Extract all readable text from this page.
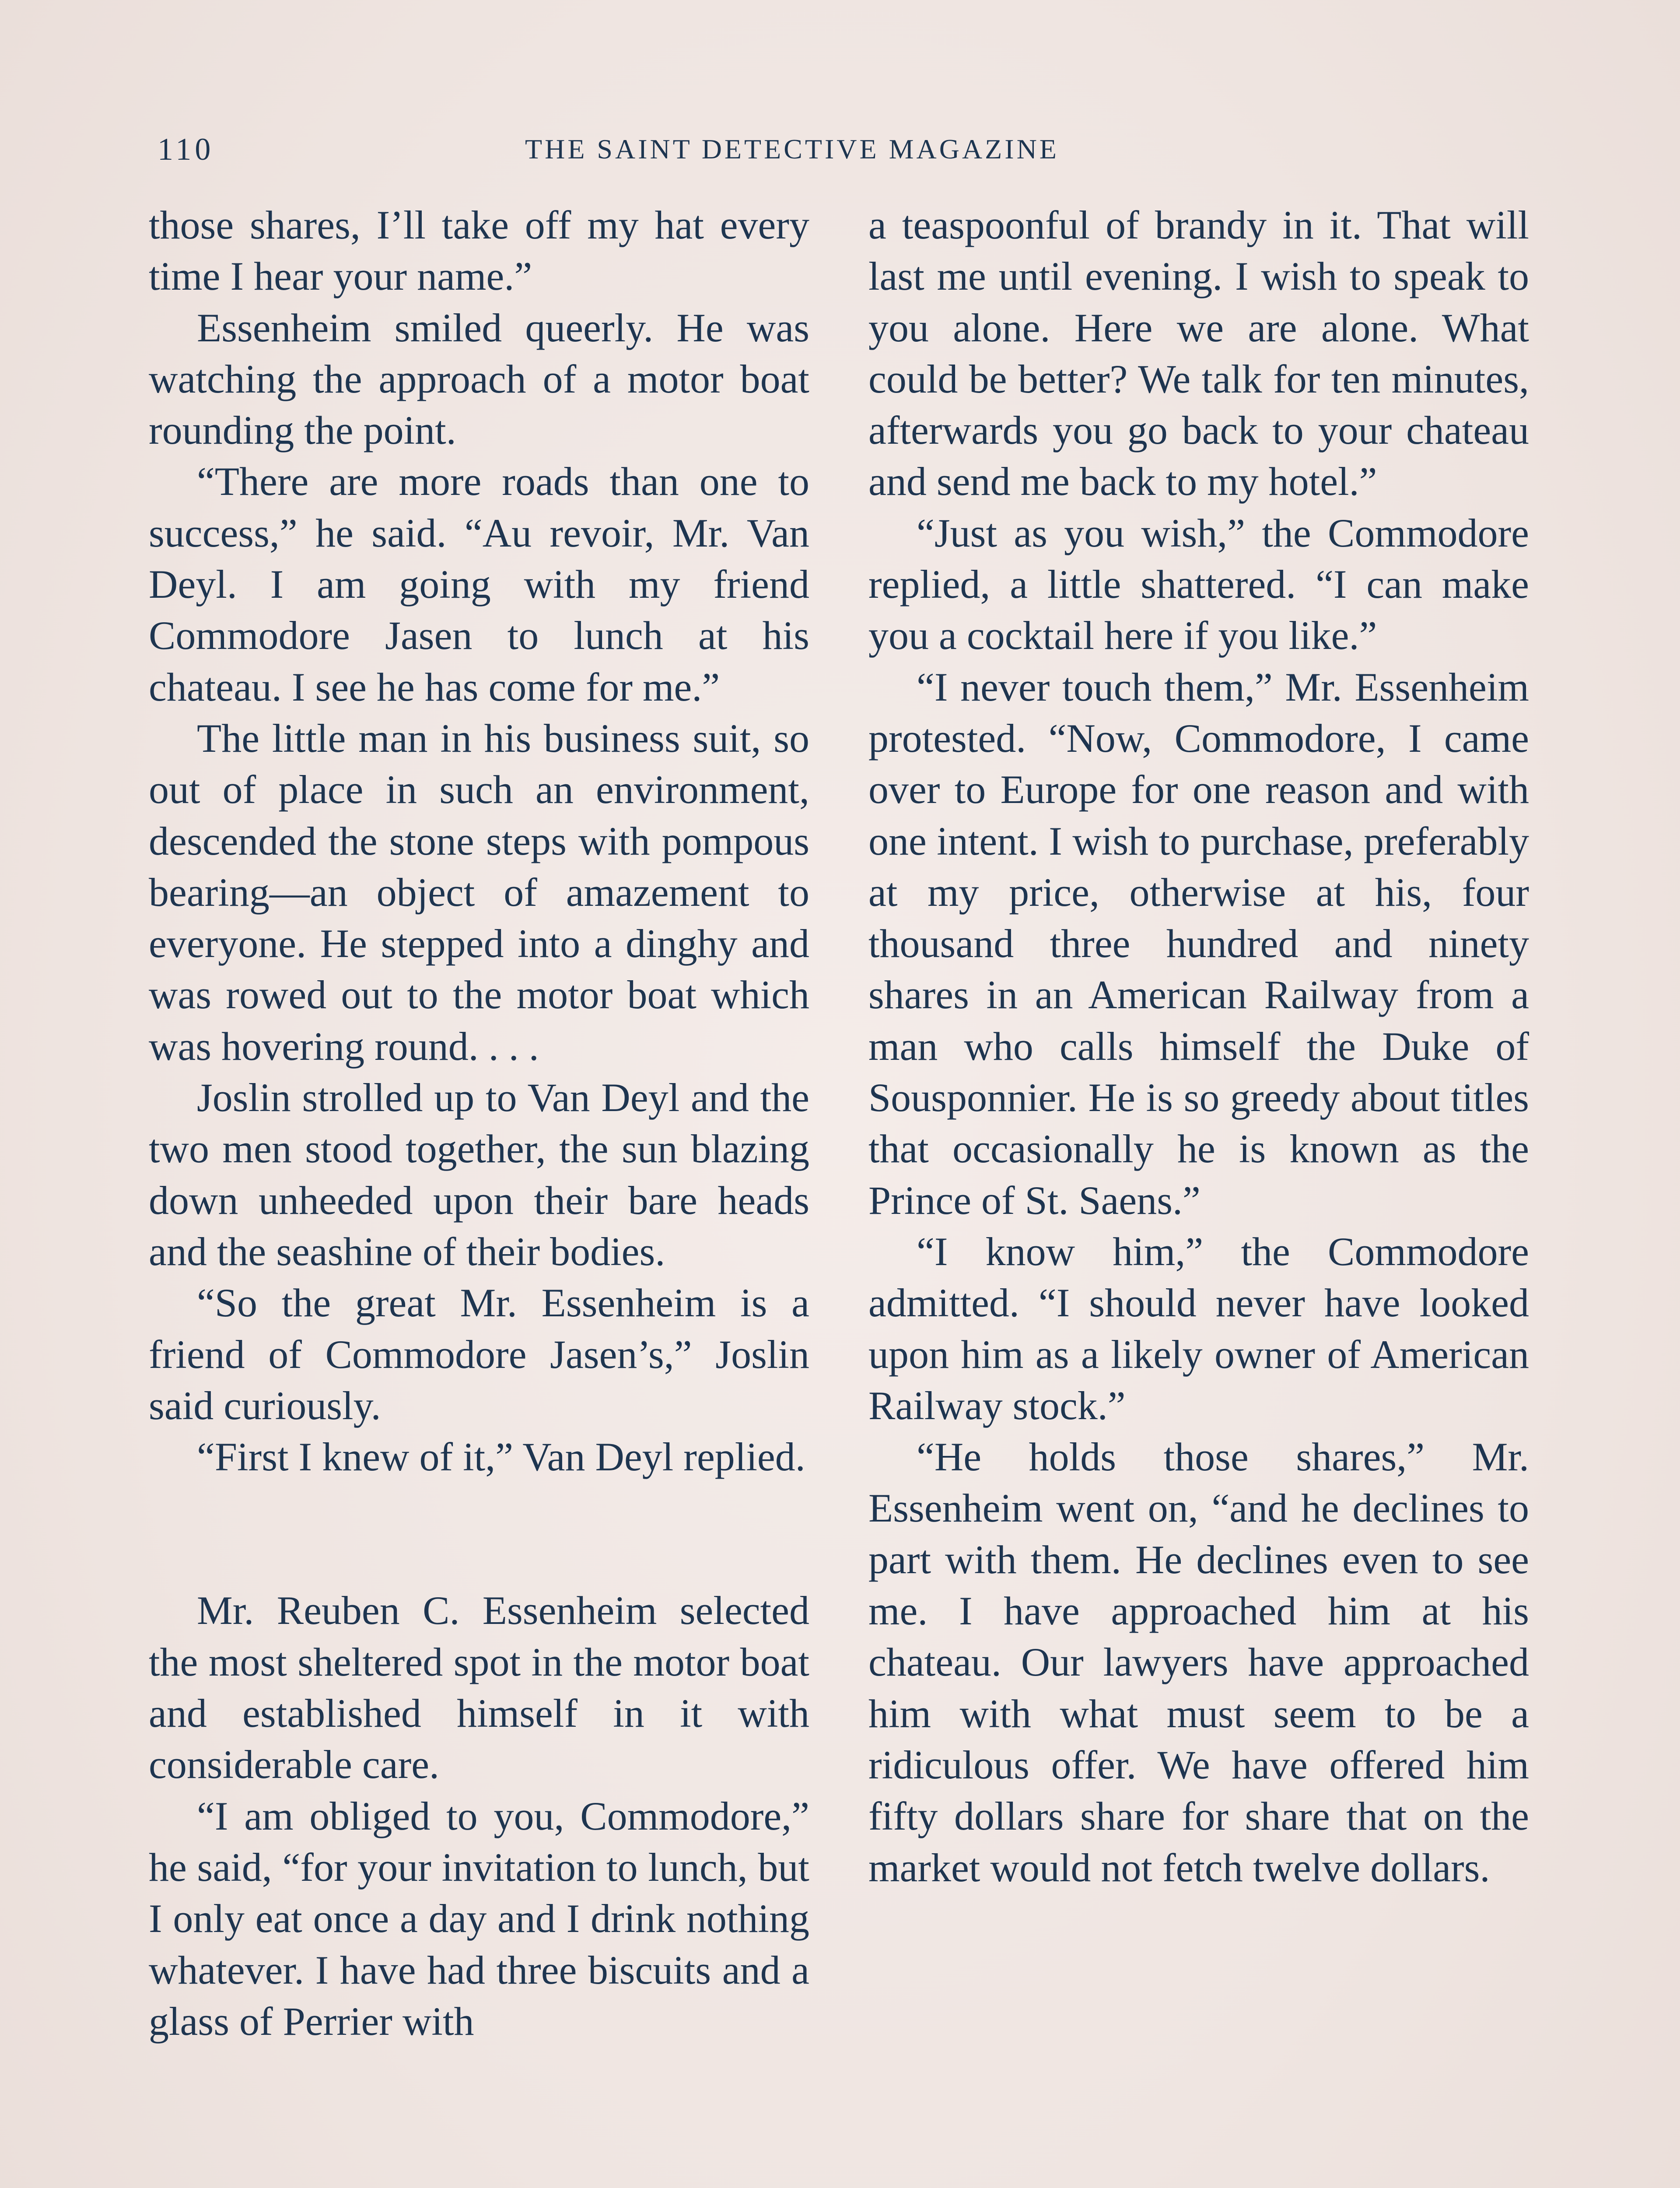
110	THE SAINT DETECTIVE MAGAZINE

those shares, I’ll take off my hat every time I hear your name.”

Essenheim smiled queerly. He was watching the approach of a motor boat rounding the point.

“There are more roads than one to success,” he said. “Au revoir, Mr. Van Deyl. I am going with my friend Commodore Jasen to lunch at his chateau. I see he has come for me.”

The little man in his business suit, so out of place in such an environment, descended the stone steps with pompous bearing—an object of amazement to everyone. He stepped into a dinghy and was rowed out to the motor boat which was hovering round. . . .

Joslin strolled up to Van Deyl and the two men stood together, the sun blazing down unheeded upon their bare heads and the seashine of their bodies.

“So the great Mr. Essenheim is a friend of Commodore Jasen’s,” Joslin said curiously.

“First I knew of it,” Van Deyl replied.

Mr. Reuben C. Essenheim selected the most sheltered spot in the motor boat and established himself in it with considerable care.

“I am obliged to you, Commodore,” he said, “for your invitation to lunch, but I only eat once a day and I drink nothing whatever. I have had three biscuits and a glass of Perrier with

a teaspoonful of brandy in it. That will last me until evening. I wish to speak to you alone. Here we are alone. What could be better? We talk for ten minutes, afterwards you go back to your chateau and send me back to my hotel.”

“Just as you wish,” the Commodore replied, a little shattered. “I can make you a cocktail here if you like.”

“I never touch them,” Mr. Essenheim protested. “Now, Commodore, I came over to Europe for one reason and with one intent. I wish to purchase, preferably at my price, otherwise at his, four thousand three hundred and ninety shares in an American Railway from a man who calls himself the Duke of Sousponnier. He is so greedy about titles that occasionally he is known as the Prince of St. Saens.”

“I know him,” the Commodore admitted. “I should never have looked upon him as a likely owner of American Railway stock.”

“He holds those shares,” Mr. Essenheim went on, “and he declines to part with them. He declines even to see me. I have approached him at his chateau. Our lawyers have approached him with what must seem to be a ridiculous offer. We have offered him fifty dollars share for share that on the market would not fetch twelve dollars.
